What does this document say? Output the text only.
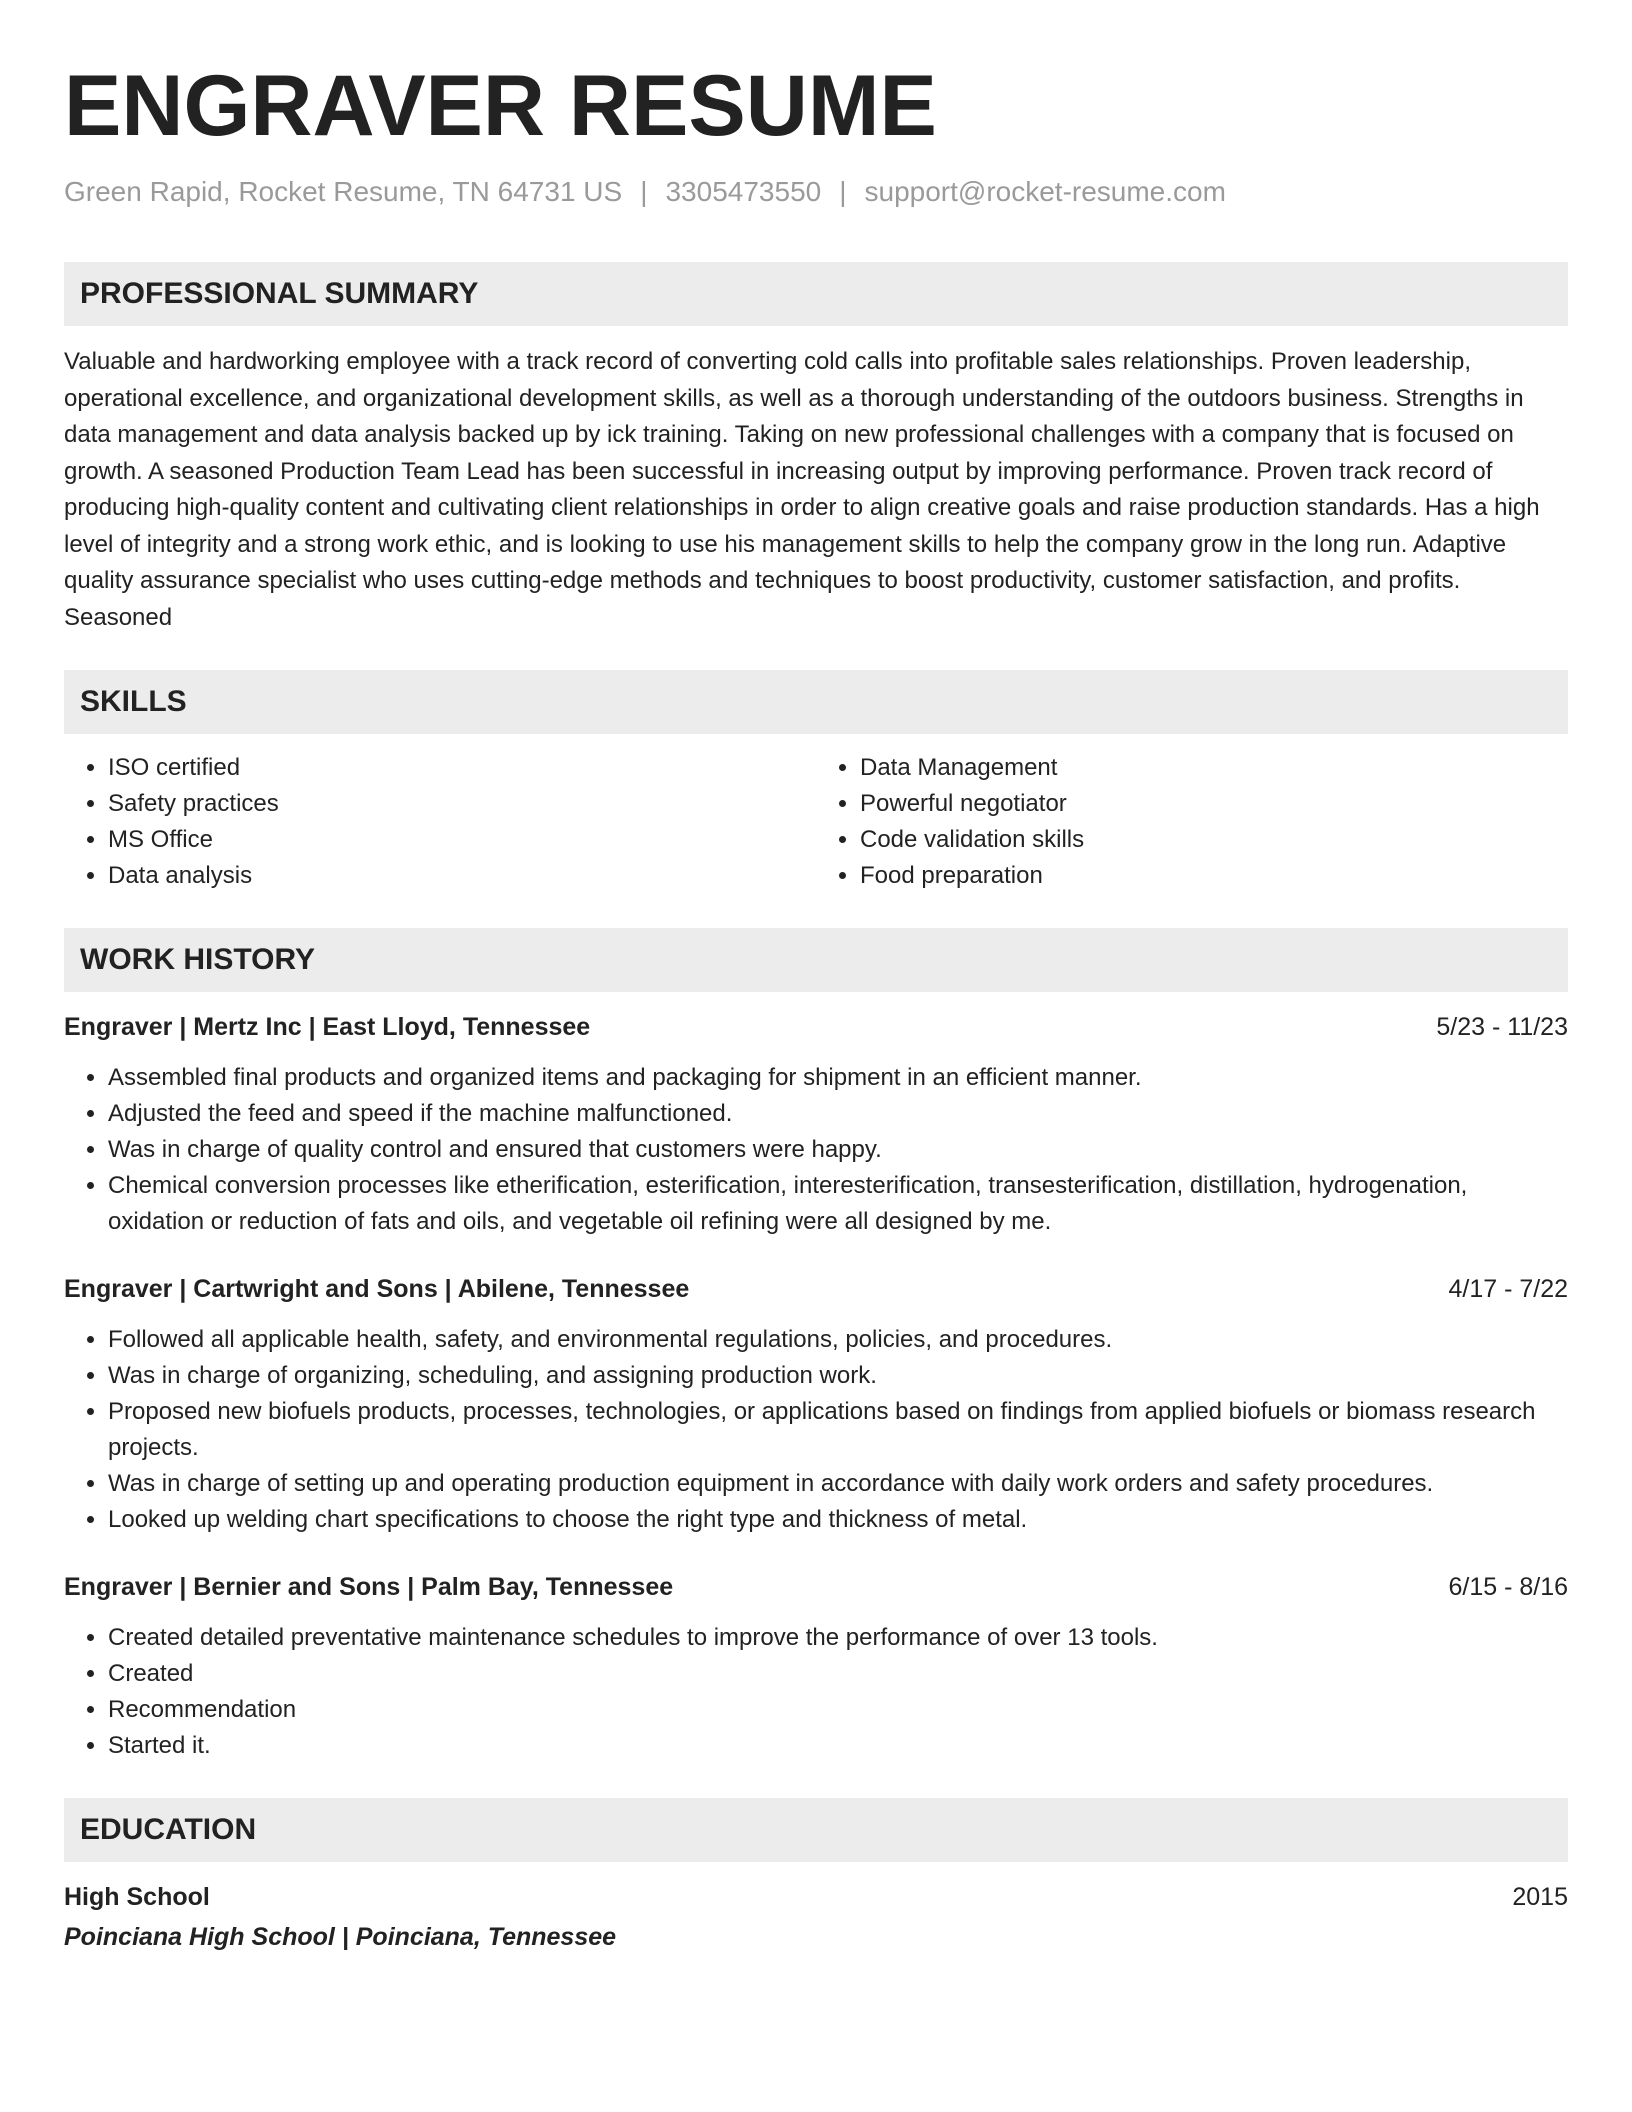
ENGRAVER RESUME
Green Rapid, Rocket Resume, TN 64731 US | 3305473550 | support@rocket-resume.com
PROFESSIONAL SUMMARY
Valuable and hardworking employee with a track record of converting cold calls into profitable sales relationships. Proven leadership, operational excellence, and organizational development skills, as well as a thorough understanding of the outdoors business. Strengths in data management and data analysis backed up by ick training. Taking on new professional challenges with a company that is focused on growth. A seasoned Production Team Lead has been successful in increasing output by improving performance. Proven track record of producing high-quality content and cultivating client relationships in order to align creative goals and raise production standards. Has a high level of integrity and a strong work ethic, and is looking to use his management skills to help the company grow in the long run. Adaptive quality assurance specialist who uses cutting-edge methods and techniques to boost productivity, customer satisfaction, and profits. Seasoned
SKILLS
• ISO certified
• Safety practices
• MS Office
• Data analysis
• Data Management
• Powerful negotiator
• Code validation skills
• Food preparation
WORK HISTORY
Engraver | Mertz Inc | East Lloyd, Tennessee	5/23 - 11/23
• Assembled final products and organized items and packaging for shipment in an efficient manner.
• Adjusted the feed and speed if the machine malfunctioned.
• Was in charge of quality control and ensured that customers were happy.
• Chemical conversion processes like etherification, esterification, interesterification, transesterification, distillation, hydrogenation, oxidation or reduction of fats and oils, and vegetable oil refining were all designed by me.
Engraver | Cartwright and Sons | Abilene, Tennessee	4/17 - 7/22
• Followed all applicable health, safety, and environmental regulations, policies, and procedures.
• Was in charge of organizing, scheduling, and assigning production work.
• Proposed new biofuels products, processes, technologies, or applications based on findings from applied biofuels or biomass research projects.
• Was in charge of setting up and operating production equipment in accordance with daily work orders and safety procedures.
• Looked up welding chart specifications to choose the right type and thickness of metal.
Engraver | Bernier and Sons | Palm Bay, Tennessee	6/15 - 8/16
• Created detailed preventative maintenance schedules to improve the performance of over 13 tools.
• Created
• Recommendation
• Started it.
EDUCATION
High School	2015
Poinciana High School | Poinciana, Tennessee
